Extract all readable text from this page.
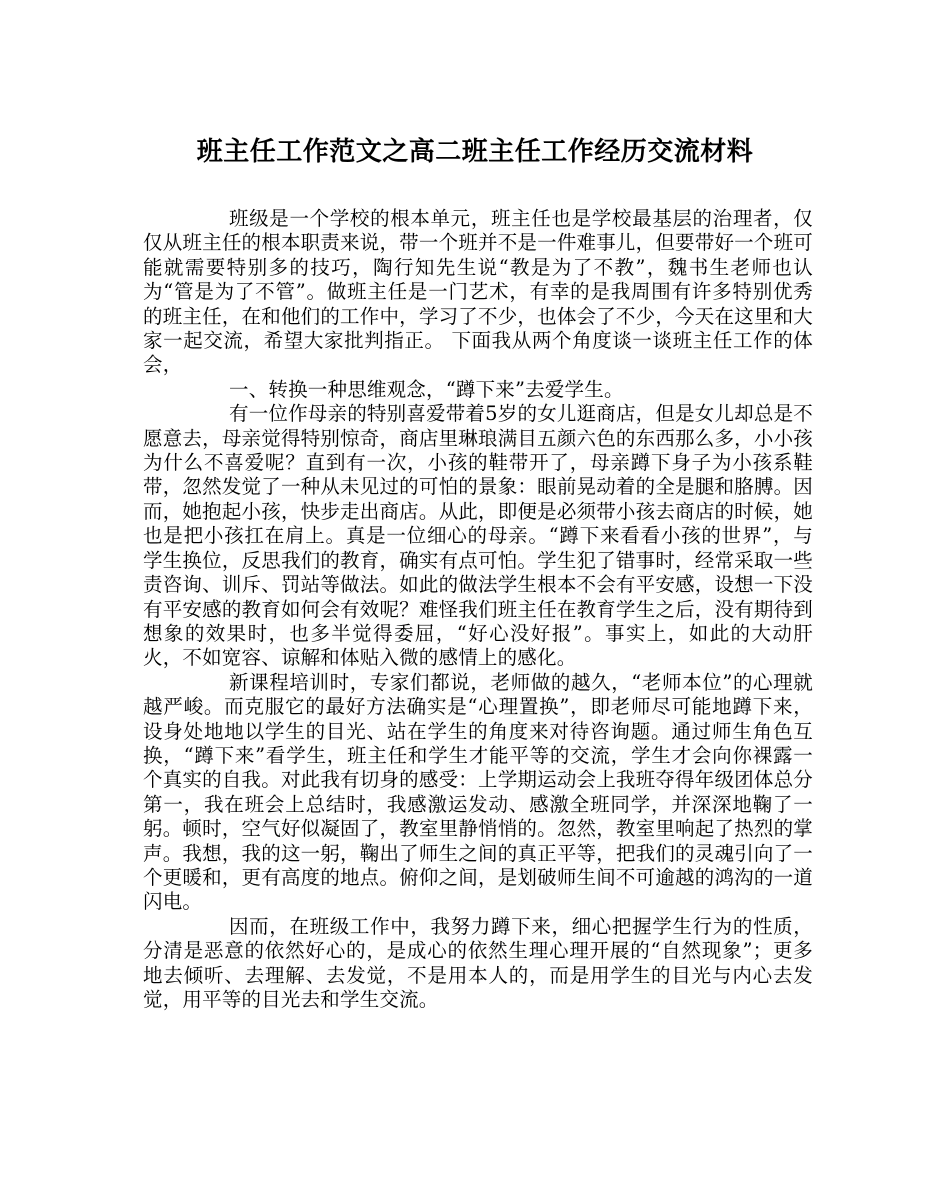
班主任工作范文之高二班主任工作经历交流材料

班级是一个学校的根本单元，班主任也是学校最基层的治理者，仅仅从班主任的根本职责来说，带一个班并不是一件难事儿，但要带好一个班可能就需要特别多的技巧，陶行知先生说“教是为了不教”，魏书生老师也认为“管是为了不管”。做班主任是一门艺术，有幸的是我周围有许多特别优秀的班主任，在和他们的工作中，学习了不少，也体会了不少，今天在这里和大家一起交流，希望大家批判指正。 下面我从两个角度谈一谈班主任工作的体会，

一、转换一种思维观念，“蹲下来”去爱学生。

有一位作母亲的特别喜爱带着5岁的女儿逛商店，但是女儿却总是不愿意去，母亲觉得特别惊奇，商店里琳琅满目五颜六色的东西那么多，小小孩为什么不喜爱呢？直到有一次，小孩的鞋带开了，母亲蹲下身子为小孩系鞋带，忽然发觉了一种从未见过的可怕的景象：眼前晃动着的全是腿和胳膊。因而，她抱起小孩，快步走出商店。从此，即便是必须带小孩去商店的时候，她也是把小孩扛在肩上。真是一位细心的母亲。“蹲下来看看小孩的世界”，与学生换位，反思我们的教育，确实有点可怕。学生犯了错事时，经常采取一些责咨询、训斥、罚站等做法。如此的做法学生根本不会有平安感，设想一下没有平安感的教育如何会有效呢？难怪我们班主任在教育学生之后，没有期待到想象的效果时，也多半觉得委屈，“好心没好报”。事实上，如此的大动肝火，不如宽容、谅解和体贴入微的感情上的感化。

新课程培训时，专家们都说，老师做的越久，“老师本位”的心理就越严峻。而克服它的最好方法确实是“心理置换”，即老师尽可能地蹲下来，设身处地地以学生的目光、站在学生的角度来对待咨询题。通过师生角色互换，“蹲下来”看学生，班主任和学生才能平等的交流，学生才会向你裸露一个真实的自我。对此我有切身的感受：上学期运动会上我班夺得年级团体总分第一，我在班会上总结时，我感激运发动、感激全班同学，并深深地鞠了一躬。顿时，空气好似凝固了，教室里静悄悄的。忽然，教室里响起了热烈的掌声。我想，我的这一躬，鞠出了师生之间的真正平等，把我们的灵魂引向了一个更暖和，更有高度的地点。俯仰之间，是划破师生间不可逾越的鸿沟的一道闪电。

因而，在班级工作中，我努力蹲下来，细心把握学生行为的性质，分清是恶意的依然好心的，是成心的依然生理心理开展的“自然现象”；更多地去倾听、去理解、去发觉，不是用本人的，而是用学生的目光与内心去发觉，用平等的目光去和学生交流。
